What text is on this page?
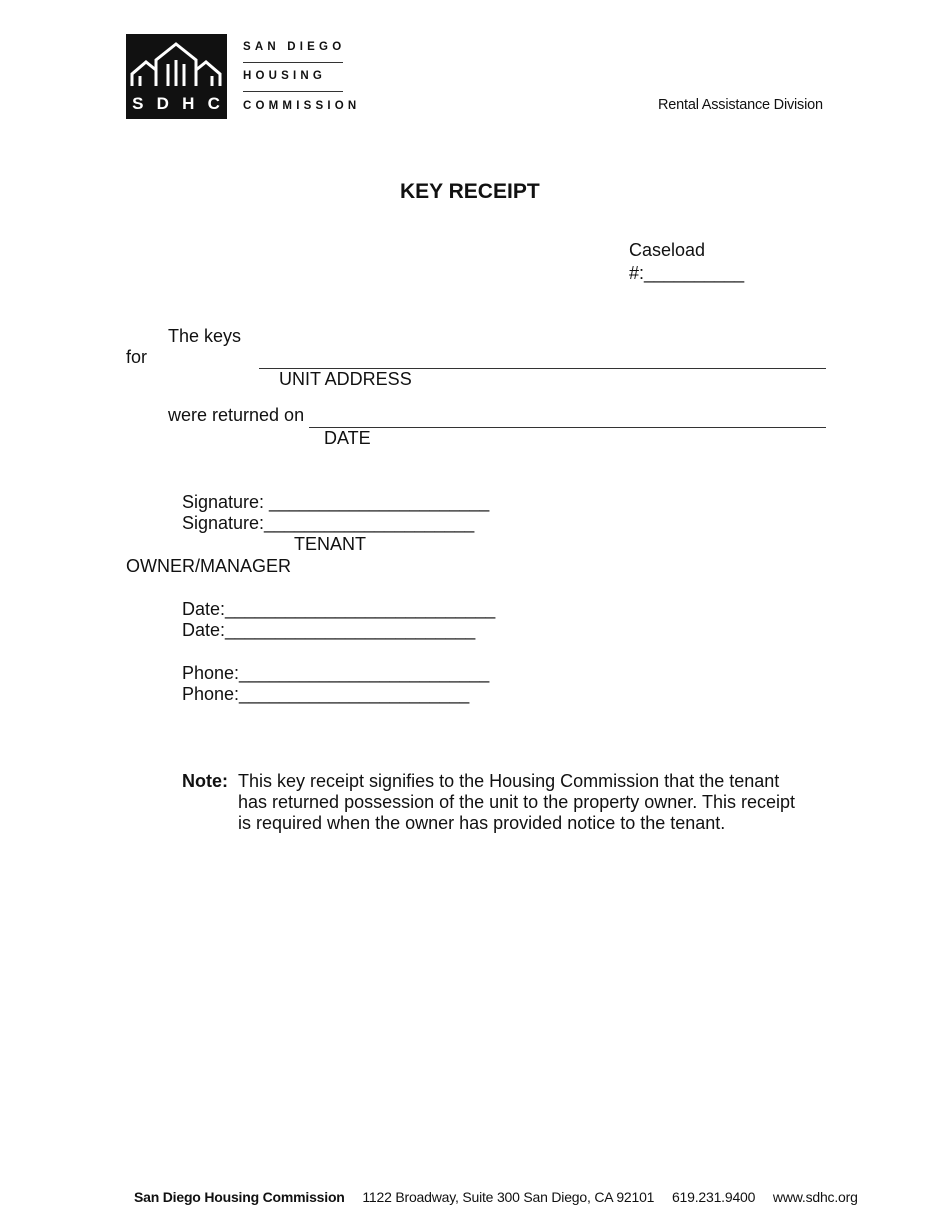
S D H C
SAN DIEGO
HOUSING
COMMISSION	Rental Assistance Division
KEY RECEIPT
Caseload
#:__________
The keys
for
UNIT ADDRESS
were returned on
DATE
Signature: ______________________
Signature:_____________________
TENANT
OWNER/MANAGER
Date:___________________________
Date:_________________________
Phone:_________________________
Phone:_______________________
Note: This key receipt signifies to the Housing Commission that the tenant has returned possession of the unit to the property owner. This receipt is required when the owner has provided notice to the tenant.
San Diego Housing Commission 1122 Broadway, Suite 300 San Diego, CA 92101 619.231.9400 www.sdhc.org
